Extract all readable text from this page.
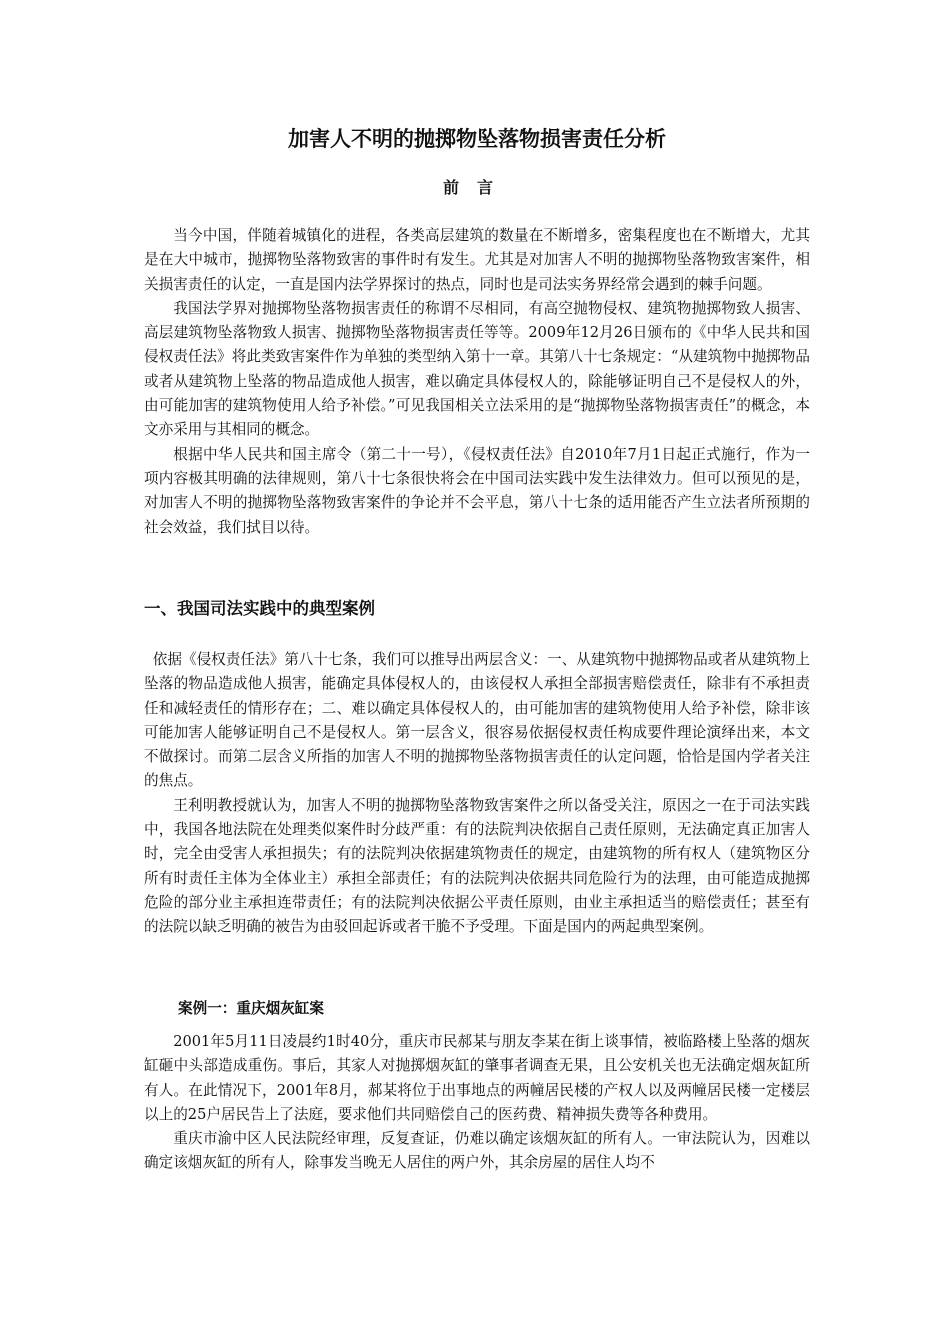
加害人不明的抛掷物坠落物损害责任分析
前言

当今中国，伴随着城镇化的进程，各类高层建筑的数量在不断增多，密集程度也在不断增大，尤其是在大中城市，抛掷物坠落物致害的事件时有发生。尤其是对加害人不明的抛掷物坠落物致害案件，相关损害责任的认定，一直是国内法学界探讨的热点，同时也是司法实务界经常会遇到的棘手问题。

我国法学界对抛掷物坠落物损害责任的称谓不尽相同，有高空抛物侵权、建筑物抛掷物致人损害、高层建筑物坠落物致人损害、抛掷物坠落物损害责任等等。2009年12月26日颁布的《中华人民共和国侵权责任法》将此类致害案件作为单独的类型纳入第十一章。其第八十七条规定：“从建筑物中抛掷物品或者从建筑物上坠落的物品造成他人损害，难以确定具体侵权人的，除能够证明自己不是侵权人的外，由可能加害的建筑物使用人给予补偿。”可见我国相关立法采用的是“抛掷物坠落物损害责任”的概念，本文亦采用与其相同的概念。

根据中华人民共和国主席令（第二十一号），《侵权责任法》自2010年7月1日起正式施行，作为一项内容极其明确的法律规则，第八十七条很快将会在中国司法实践中发生法律效力。但可以预见的是，对加害人不明的抛掷物坠落物致害案件的争论并不会平息，第八十七条的适用能否产生立法者所预期的社会效益，我们拭目以待。

一、我国司法实践中的典型案例

依据《侵权责任法》第八十七条，我们可以推导出两层含义：一、从建筑物中抛掷物品或者从建筑物上坠落的物品造成他人损害，能确定具体侵权人的，由该侵权人承担全部损害赔偿责任，除非有不承担责任和减轻责任的情形存在；二、难以确定具体侵权人的，由可能加害的建筑物使用人给予补偿，除非该可能加害人能够证明自己不是侵权人。第一层含义，很容易依据侵权责任构成要件理论演绎出来，本文不做探讨。而第二层含义所指的加害人不明的抛掷物坠落物损害责任的认定问题，恰恰是国内学者关注的焦点。

王利明教授就认为，加害人不明的抛掷物坠落物致害案件之所以备受关注，原因之一在于司法实践中，我国各地法院在处理类似案件时分歧严重：有的法院判决依据自己责任原则，无法确定真正加害人时，完全由受害人承担损失；有的法院判决依据建筑物责任的规定，由建筑物的所有权人（建筑物区分所有时责任主体为全体业主）承担全部责任；有的法院判决依据共同危险行为的法理，由可能造成抛掷危险的部分业主承担连带责任；有的法院判决依据公平责任原则，由业主承担适当的赔偿责任；甚至有的法院以缺乏明确的被告为由驳回起诉或者干脆不予受理。下面是国内的两起典型案例。

案例一：重庆烟灰缸案

2001年5月11日凌晨约1时40分，重庆市民郝某与朋友李某在街上谈事情，被临路楼上坠落的烟灰缸砸中头部造成重伤。事后，其家人对抛掷烟灰缸的肇事者调查无果，且公安机关也无法确定烟灰缸所有人。在此情况下，2001年8月，郝某将位于出事地点的两幢居民楼的产权人以及两幢居民楼一定楼层以上的25户居民告上了法庭，要求他们共同赔偿自己的医药费、精神损失费等各种费用。

重庆市渝中区人民法院经审理，反复查证，仍难以确定该烟灰缸的所有人。一审法院认为，因难以确定该烟灰缸的所有人，除事发当晚无人居住的两户外，其余房屋的居住人均不
